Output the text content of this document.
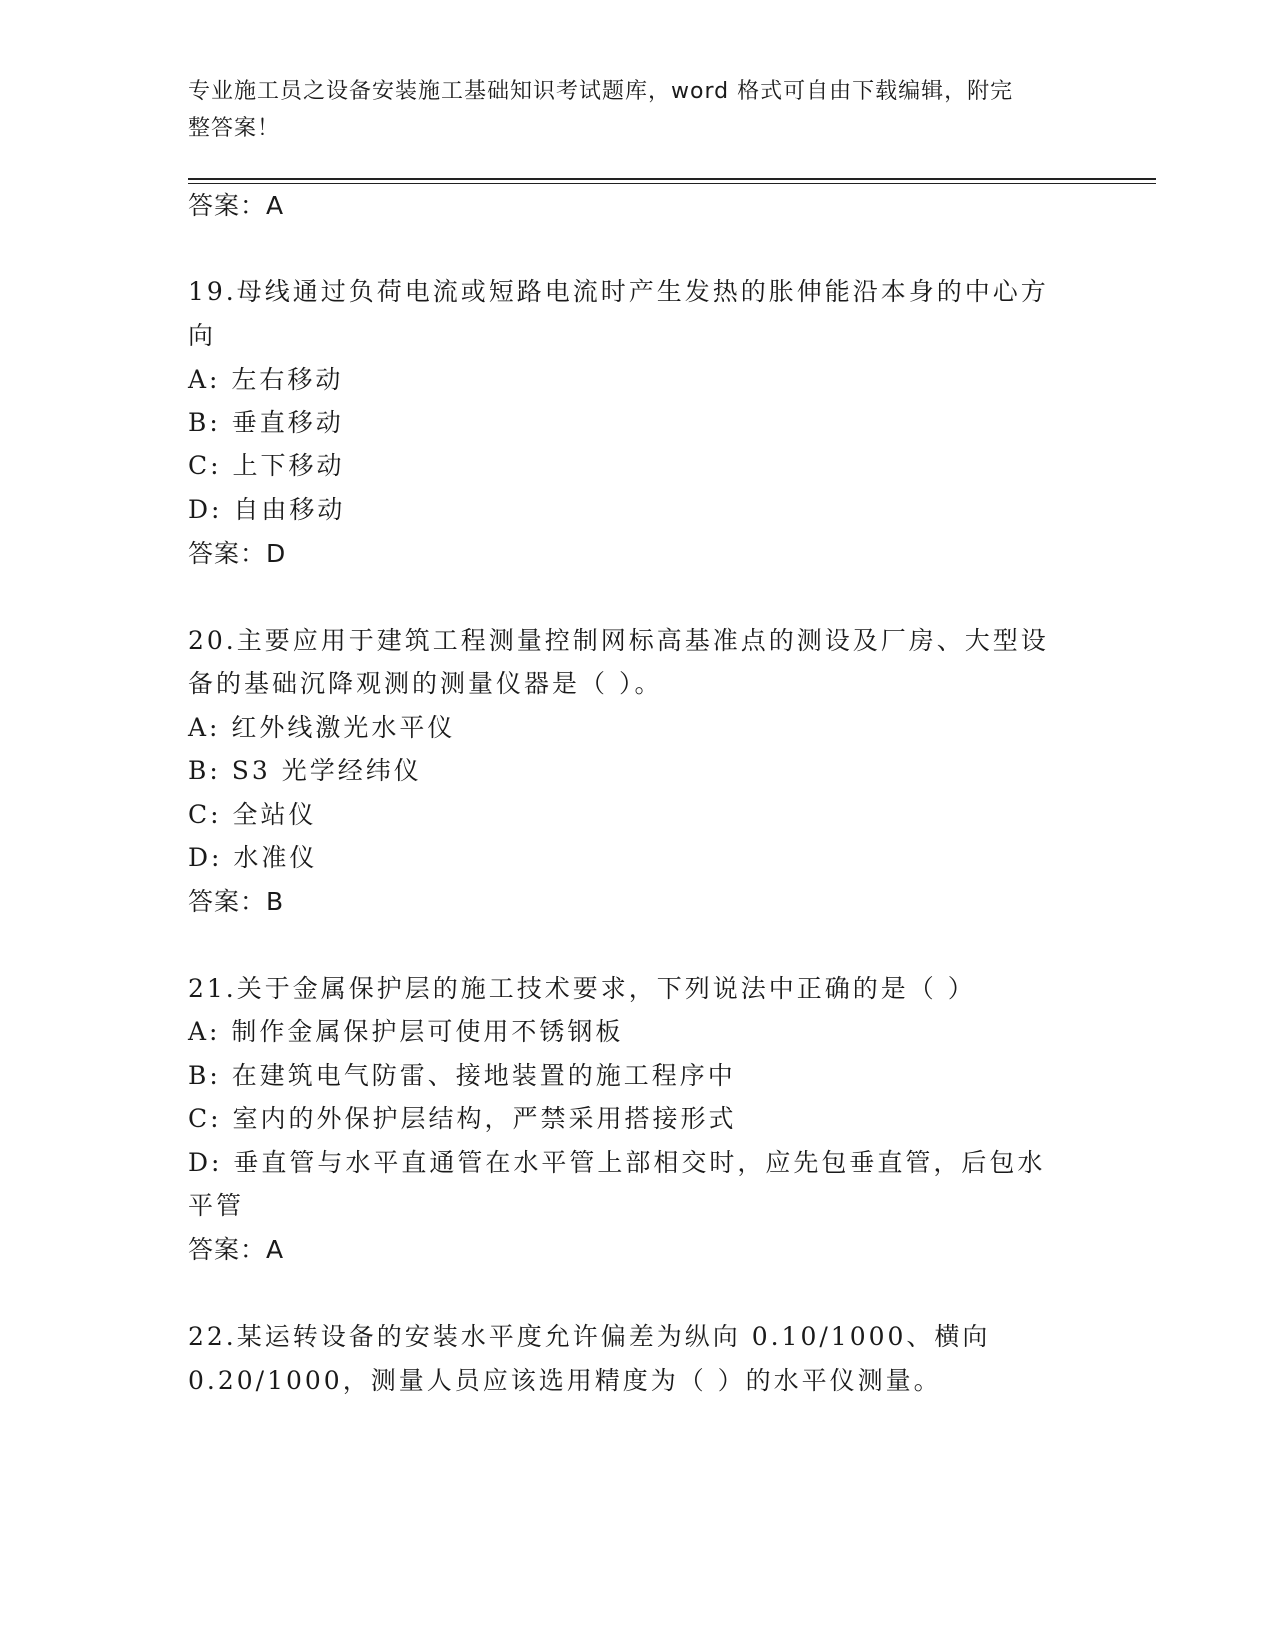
专业施工员之设备安装施工基础知识考试题库，word 格式可自由下载编辑，附完
整答案！
答案：A
19.母线通过负荷电流或短路电流时产生发热的胀伸能沿本身的中心方
向
A: 左右移动
B: 垂直移动
C: 上下移动
D: 自由移动
答案：D
20.主要应用于建筑工程测量控制网标高基准点的测设及厂房、大型设
备的基础沉降观测的测量仪器是（ ）。
A: 红外线激光水平仪
B: S3 光学经纬仪
C: 全站仪
D: 水准仪
答案：B
21.关于金属保护层的施工技术要求，下列说法中正确的是（ ）
A: 制作金属保护层可使用不锈钢板
B: 在建筑电气防雷、接地装置的施工程序中
C: 室内的外保护层结构，严禁采用搭接形式
D: 垂直管与水平直通管在水平管上部相交时，应先包垂直管，后包水
平管
答案：A
22.某运转设备的安装水平度允许偏差为纵向 0.10/1000、横向
0.20/1000，测量人员应该选用精度为（ ）的水平仪测量。
